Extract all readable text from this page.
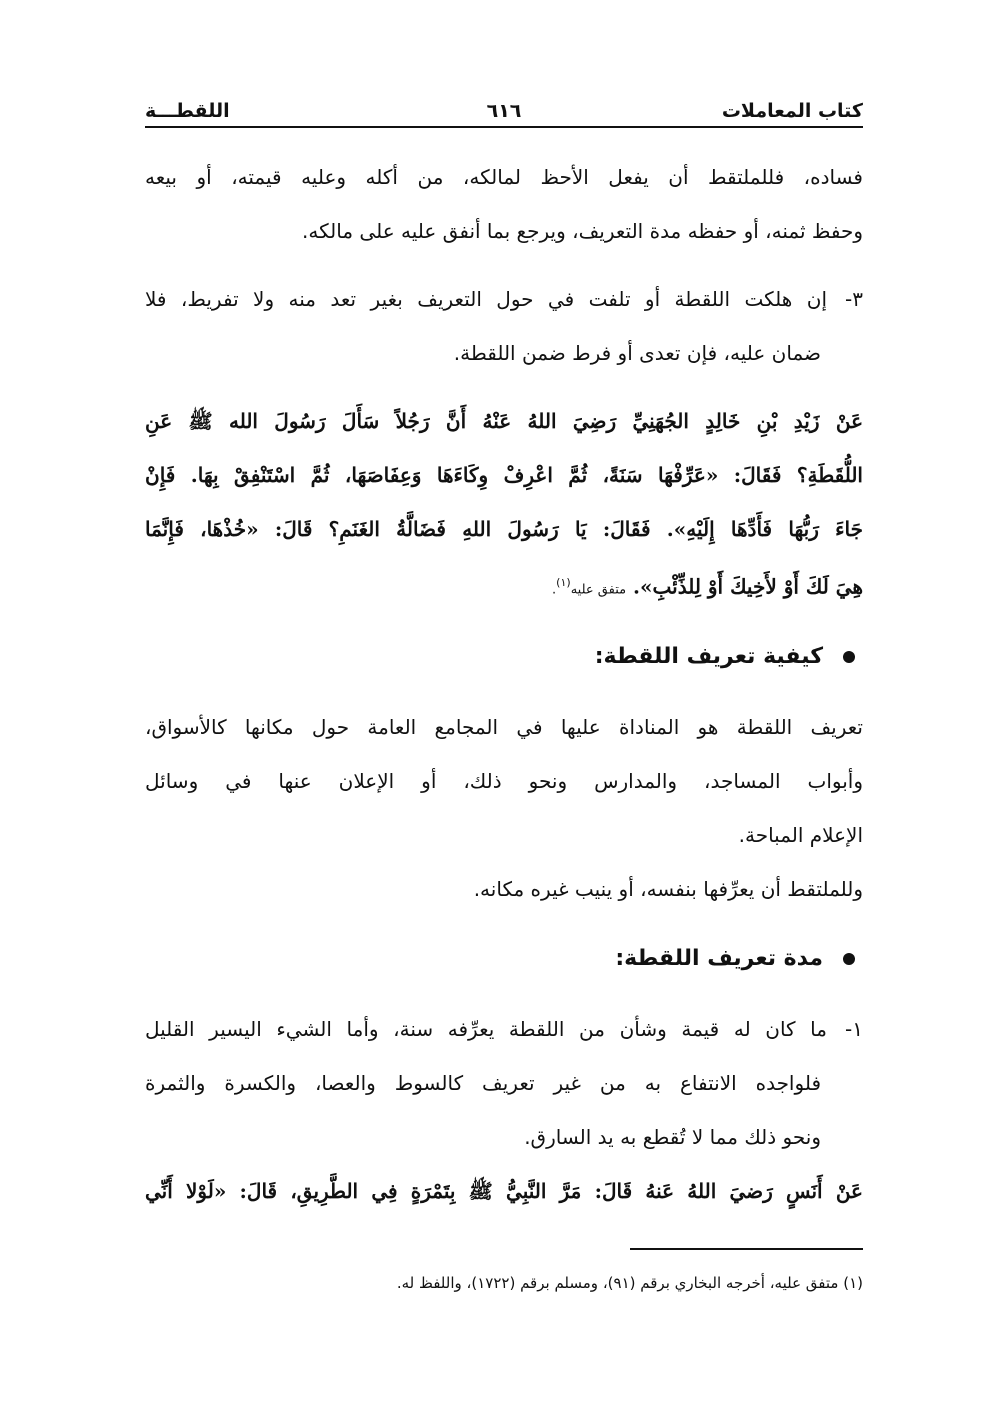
كتاب المعاملات
٦١٦
اللقطـــة
فساده، فللملتقط أن يفعل الأحظ لمالكه، من أكله وعليه قيمته، أو بيعه
وحفظ ثمنه، أو حفظه مدة التعريف، ويرجع بما أنفق عليه على مالكه.
٣-إن هلكت اللقطة أو تلفت في حول التعريف بغير تعد منه ولا تفريط، فلا
ضمان عليه، فإن تعدى أو فرط ضمن اللقطة.
عَنْ زَيْدِ بْنِ خَالِدٍ الجُهَنِيِّ رَضِيَ اللهُ عَنْهُ أَنَّ رَجُلاً سَأَلَ رَسُولَ الله ﷺ عَنِ
اللُّقَطَةِ؟ فَقَالَ: «عَرِّفْهَا سَنَةً، ثُمَّ اعْرِفْ وِكَاءَهَا وَعِفَاصَهَا، ثُمَّ اسْتَنْفِقْ بِهَا. فَإِنْ
جَاءَ رَبُّهَا فَأَدِّهَا إِلَيْهِ». فَقَالَ: يَا رَسُولَ اللهِ فَضَالَّةُ الغَنَمِ؟ قَالَ: «خُذْهَا، فَإِنَّمَا
هِيَ لَكَ أَوْ لأَخِيكَ أَوْ لِلذِّئْبِ». متفق عليه$^{(١)}$.
كيفية تعريف اللقطة:
تعريف اللقطة هو المناداة عليها في المجامع العامة حول مكانها كالأسواق،
وأبواب المساجد، والمدارس ونحو ذلك، أو الإعلان عنها في وسائل
الإعلام المباحة.
وللملتقط أن يعرِّفها بنفسه، أو ينيب غيره مكانه.
مدة تعريف اللقطة:
١-ما كان له قيمة وشأن من اللقطة يعرِّفه سنة، وأما الشيء اليسير القليل
فلواجده الانتفاع به من غير تعريف كالسوط والعصا، والكسرة والثمرة
ونحو ذلك مما لا تُقطع به يد السارق.
عَنْ أَنَسٍ رَضيَ اللهُ عَنهُ قَالَ: مَرَّ النَّبِيُّ ﷺ بِتَمْرَةٍ فِي الطَّرِيقِ، قَالَ: «لَوْلا أَنِّي
(١) متفق عليه، أخرجه البخاري برقم (٩١)، ومسلم برقم (١٧٢٢)، واللفظ له.
